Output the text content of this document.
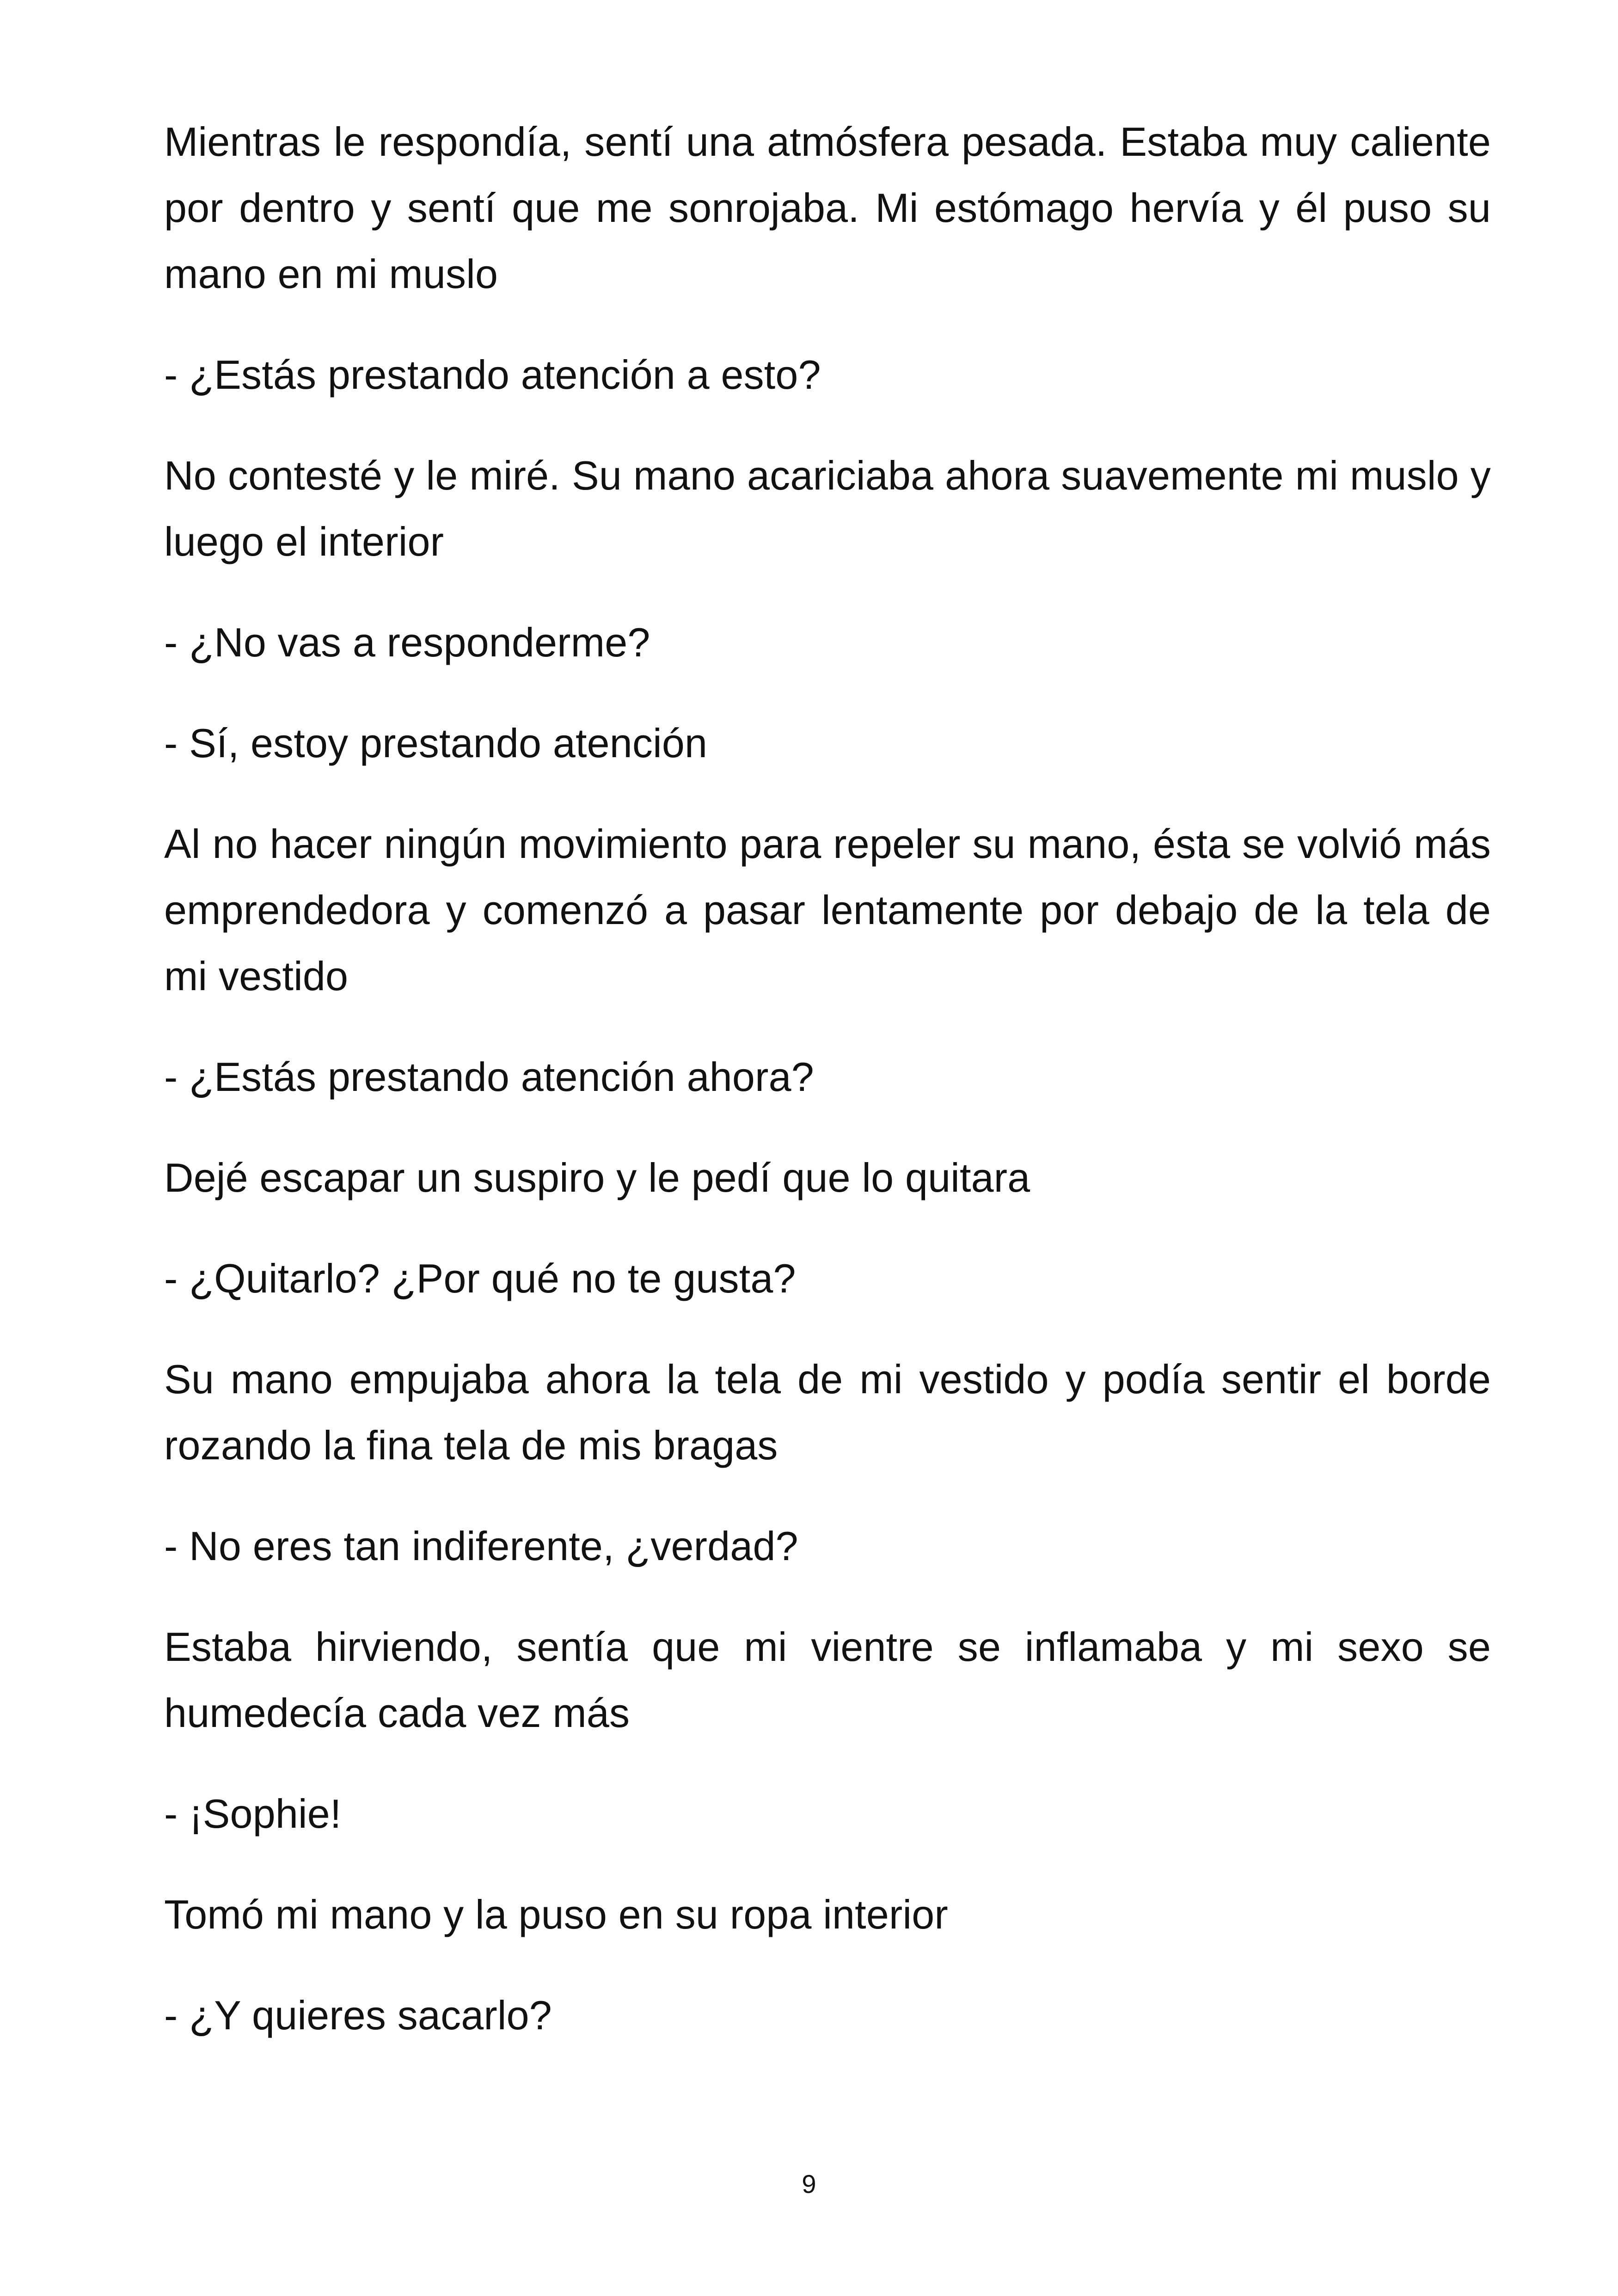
Mientras le respondía, sentí una atmósfera pesada. Estaba muy caliente por dentro y sentí que me sonrojaba. Mi estómago hervía y él puso su mano en mi muslo

- ¿Estás prestando atención a esto?

No contesté y le miré. Su mano acariciaba ahora suavemente mi muslo y luego el interior

- ¿No vas a responderme?

- Sí, estoy prestando atención

Al no hacer ningún movimiento para repeler su mano, ésta se volvió más emprendedora y comenzó a pasar lentamente por debajo de la tela de mi vestido

- ¿Estás prestando atención ahora?

Dejé escapar un suspiro y le pedí que lo quitara

- ¿Quitarlo? ¿Por qué no te gusta?

Su mano empujaba ahora la tela de mi vestido y podía sentir el borde rozando la fina tela de mis bragas

- No eres tan indiferente, ¿verdad?

Estaba hirviendo, sentía que mi vientre se inflamaba y mi sexo se humedecía cada vez más

- ¡Sophie!

Tomó mi mano y la puso en su ropa interior

- ¿Y quieres sacarlo?

9
